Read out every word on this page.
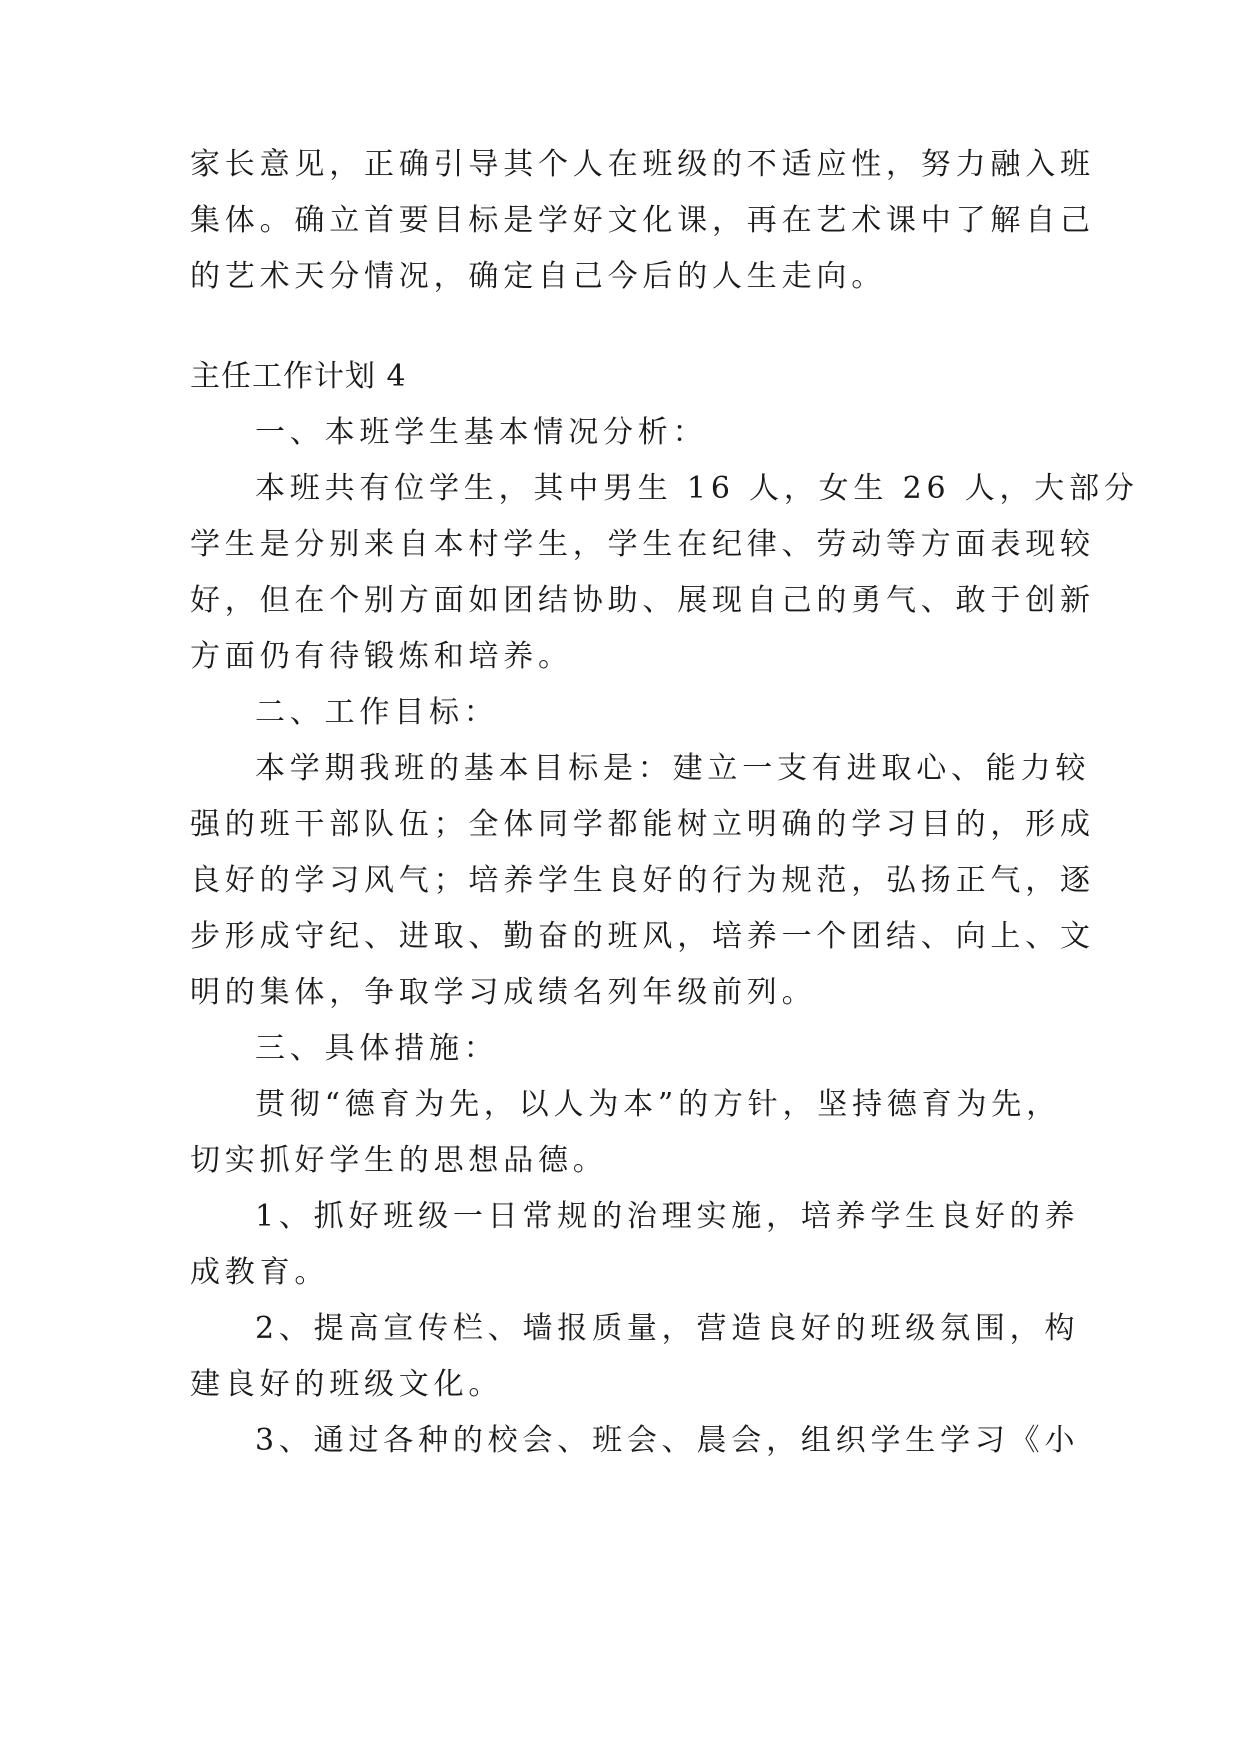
家长意见，正确引导其个人在班级的不适应性，努力融入班
集体。确立首要目标是学好文化课，再在艺术课中了解自己
的艺术天分情况，确定自己今后的人生走向。
主任工作计划 4
一、本班学生基本情况分析：
本班共有位学生，其中男生 16 人，女生 26 人，大部分
学生是分别来自本村学生，学生在纪律、劳动等方面表现较
好，但在个别方面如团结协助、展现自己的勇气、敢于创新
方面仍有待锻炼和培养。
二、工作目标：
本学期我班的基本目标是：建立一支有进取心、能力较
强的班干部队伍；全体同学都能树立明确的学习目的，形成
良好的学习风气；培养学生良好的行为规范，弘扬正气，逐
步形成守纪、进取、勤奋的班风，培养一个团结、向上、文
明的集体，争取学习成绩名列年级前列。
三、具体措施：
贯彻“德育为先，以人为本”的方针，坚持德育为先，
切实抓好学生的思想品德。
1、抓好班级一日常规的治理实施，培养学生良好的养
成教育。
2、提高宣传栏、墙报质量，营造良好的班级氛围，构
建良好的班级文化。
3、通过各种的校会、班会、晨会，组织学生学习《小
